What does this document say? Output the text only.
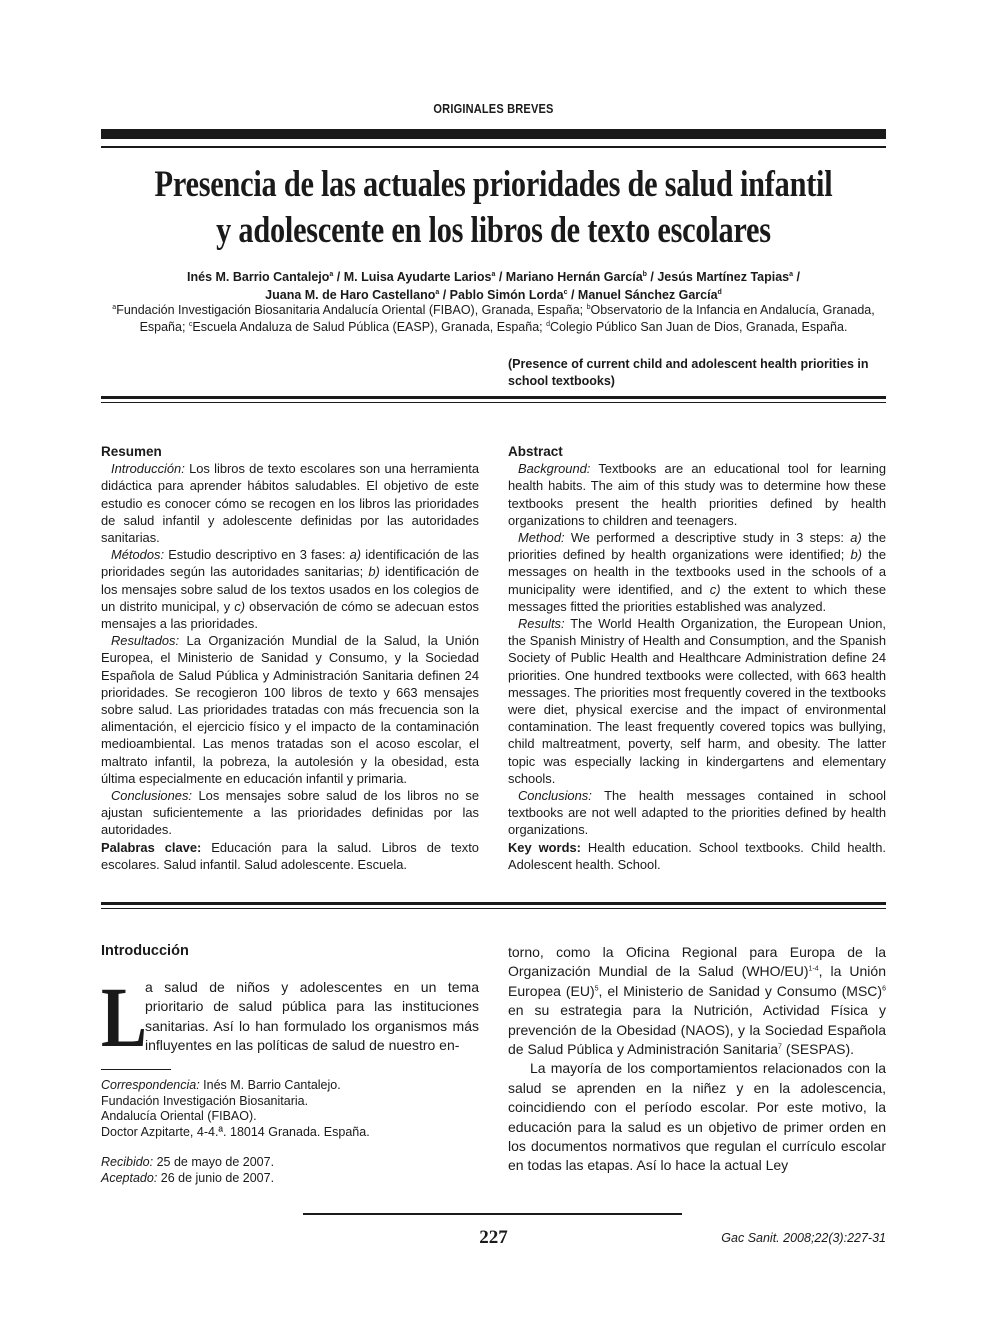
ORIGINALES BREVES
Presencia de las actuales prioridades de salud infantil
y adolescente en los libros de texto escolares
Inés M. Barrio Cantalejo$^a$ / M. Luisa Ayudarte Larios$^a$ / Mariano Hernán García$^b$ / Jesús Martínez Tapias$^a$ /
Juana M. de Haro Castellano$^a$ / Pablo Simón Lorda$^c$ / Manuel Sánchez García$^d$
$^a$Fundación Investigación Biosanitaria Andalucía Oriental (FIBAO), Granada, España; $^b$Observatorio de la Infancia en Andalucía, Granada, España; $^c$Escuela Andaluza de Salud Pública (EASP), Granada, España; $^d$Colegio Público San Juan de Dios, Granada, España.
(Presence of current child and adolescent health priorities in school textbooks)
Resumen

Introducción: Los libros de texto escolares son una herramienta didáctica para aprender hábitos saludables. El objetivo de este estudio es conocer cómo se recogen en los libros las prioridades de salud infantil y adolescente definidas por las autoridades sanitarias.

Métodos: Estudio descriptivo en 3 fases: a) identificación de las prioridades según las autoridades sanitarias; b) identificación de los mensajes sobre salud de los textos usados en los colegios de un distrito municipal, y c) observación de cómo se adecuan estos mensajes a las prioridades.

Resultados: La Organización Mundial de la Salud, la Unión Europea, el Ministerio de Sanidad y Consumo, y la Sociedad Española de Salud Pública y Administración Sanitaria definen 24 prioridades. Se recogieron 100 libros de texto y 663 mensajes sobre salud. Las prioridades tratadas con más frecuencia son la alimentación, el ejercicio físico y el impacto de la contaminación medioambiental. Las menos tratadas son el acoso escolar, el maltrato infantil, la pobreza, la autolesión y la obesidad, esta última especialmente en educación infantil y primaria.

Conclusiones: Los mensajes sobre salud de los libros no se ajustan suficientemente a las prioridades definidas por las autoridades.

Palabras clave: Educación para la salud. Libros de texto escolares. Salud infantil. Salud adolescente. Escuela.

Abstract

Background: Textbooks are an educational tool for learning health habits. The aim of this study was to determine how these textbooks present the health priorities defined by health organizations to children and teenagers.

Method: We performed a descriptive study in 3 steps: a) the priorities defined by health organizations were identified; b) the messages on health in the textbooks used in the schools of a municipality were identified, and c) the extent to which these messages fitted the priorities established was analyzed.

Results: The World Health Organization, the European Union, the Spanish Ministry of Health and Consumption, and the Spanish Society of Public Health and Healthcare Administration define 24 priorities. One hundred textbooks were collected, with 663 health messages. The priorities most frequently covered in the textbooks were diet, physical exercise and the impact of environmental contamination. The least frequently covered topics was bullying, child maltreatment, poverty, self harm, and obesity. The latter topic was especially lacking in kindergartens and elementary schools.

Conclusions: The health messages contained in school textbooks are not well adapted to the priorities defined by health organizations.

Key words: Health education. School textbooks. Child health. Adolescent health. School.

Introducción
L
a salud de niños y adolescentes en un tema prioritario de salud pública para las instituciones sanitarias. Así lo han formulado los organismos más influyentes en las políticas de salud de nuestro en-

torno, como la Oficina Regional para Europa de la Organización Mundial de la Salud $(WHO/EU)^{1-4}$, la Unión Europea (EU)$^5$, el Ministerio de Sanidad y Consumo (MSC)$^6$ en su estrategia para la Nutrición, Actividad Física y prevención de la Obesidad (NAOS), y la Sociedad Española de Salud Pública y Administración Sanitaria$^7$ (SESPAS).

La mayoría de los comportamientos relacionados con la salud se aprenden en la niñez y en la adolescencia, coincidiendo con el período escolar. Por este motivo, la educación para la salud es un objetivo de primer orden en los documentos normativos que regulan el currículo escolar en todas las etapas. Así lo hace la actual Ley

Correspondencia: Inés M. Barrio Cantalejo.
Fundación Investigación Biosanitaria.
Andalucía Oriental (FIBAO).
Doctor Azpitarte, 4-4.ª. 18014 Granada. España.
Recibido: 25 de mayo de 2007.
Aceptado: 26 de junio de 2007.
227	Gac Sanit. 2008;22(3):227-31
